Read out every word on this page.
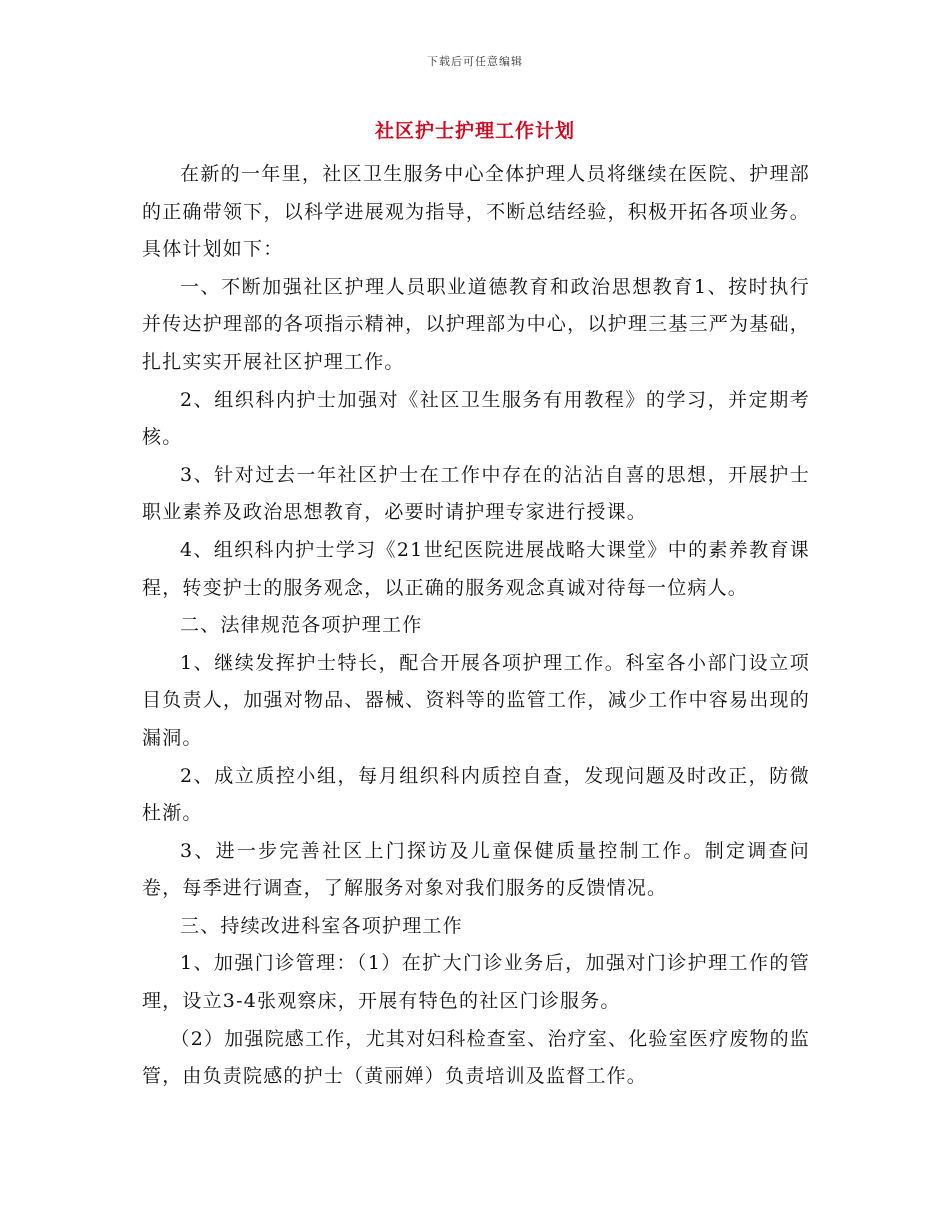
下载后可任意编辑
社区护士护理工作计划

在新的一年里，社区卫生服务中心全体护理人员将继续在医院、护理部的正确带领下，以科学进展观为指导，不断总结经验，积极开拓各项业务。具体计划如下：

一、不断加强社区护理人员职业道德教育和政治思想教育1、按时执行并传达护理部的各项指示精神，以护理部为中心，以护理三基三严为基础，扎扎实实开展社区护理工作。

2、组织科内护士加强对《社区卫生服务有用教程》的学习，并定期考核。

3、针对过去一年社区护士在工作中存在的沾沾自喜的思想，开展护士职业素养及政治思想教育，必要时请护理专家进行授课。

4、组织科内护士学习《21世纪医院进展战略大课堂》中的素养教育课程，转变护士的服务观念，以正确的服务观念真诚对待每一位病人。

二、法律规范各项护理工作

1、继续发挥护士特长，配合开展各项护理工作。科室各小部门设立项目负责人，加强对物品、器械、资料等的监管工作，减少工作中容易出现的漏洞。

2、成立质控小组，每月组织科内质控自查，发现问题及时改正，防微杜渐。

3、进一步完善社区上门探访及儿童保健质量控制工作。制定调查问卷，每季进行调查，了解服务对象对我们服务的反馈情况。

三、持续改进科室各项护理工作

1、加强门诊管理：（1）在扩大门诊业务后，加强对门诊护理工作的管理，设立3-4张观察床，开展有特色的社区门诊服务。

（2）加强院感工作，尤其对妇科检查室、治疗室、化验室医疗废物的监管，由负责院感的护士（黄丽婵）负责培训及监督工作。
